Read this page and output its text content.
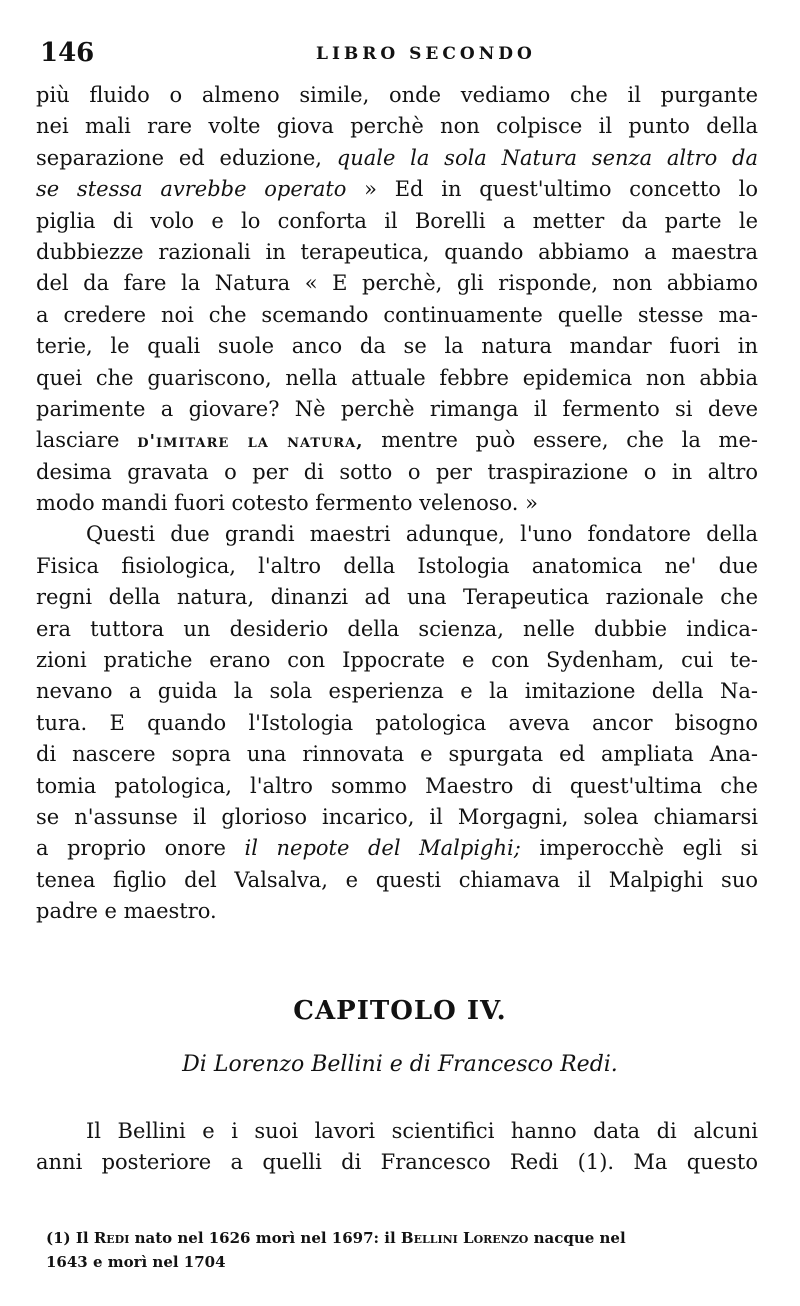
146	LIBRO SECONDO
più fluido o almeno simile, onde vediamo che il purgante
nei mali rare volte giova perchè non colpisce il punto della
separazione ed eduzione, quale la sola Natura senza altro da
se stessa avrebbe operato » Ed in quest'ultimo concetto lo
piglia di volo e lo conforta il Borelli a metter da parte le
dubbiezze razionali in terapeutica, quando abbiamo a maestra
del da fare la Natura « E perchè, gli risponde, non abbiamo
a credere noi che scemando continuamente quelle stesse ma-
terie, le quali suole anco da se la natura mandar fuori in
quei che guariscono, nella attuale febbre epidemica non abbia
parimente a giovare? Nè perchè rimanga il fermento si deve
lasciare d'imitare la natura, mentre può essere, che la me-
desima gravata o per di sotto o per traspirazione o in altro
modo mandi fuori cotesto fermento velenoso. »
Questi due grandi maestri adunque, l'uno fondatore della
Fisica fisiologica, l'altro della Istologia anatomica ne' due
regni della natura, dinanzi ad una Terapeutica razionale che
era tuttora un desiderio della scienza, nelle dubbie indica-
zioni pratiche erano con Ippocrate e con Sydenham, cui te-
nevano a guida la sola esperienza e la imitazione della Na-
tura. E quando l'Istologia patologica aveva ancor bisogno
di nascere sopra una rinnovata e spurgata ed ampliata Ana-
tomia patologica, l'altro sommo Maestro di quest'ultima che
se n'assunse il glorioso incarico, il Morgagni, solea chiamarsi
a proprio onore il nepote del Malpighi; imperocchè egli si
tenea figlio del Valsalva, e questi chiamava il Malpighi suo
padre e maestro.
CAPITOLO IV.
Di Lorenzo Bellini e di Francesco Redi.
Il Bellini e i suoi lavori scientifici hanno data di alcuni
anni posteriore a quelli di Francesco Redi (1). Ma questo
(1) Il Redi nato nel 1626 morì nel 1697: il Bellini Lorenzo nacque nel
1643 e morì nel 1704
